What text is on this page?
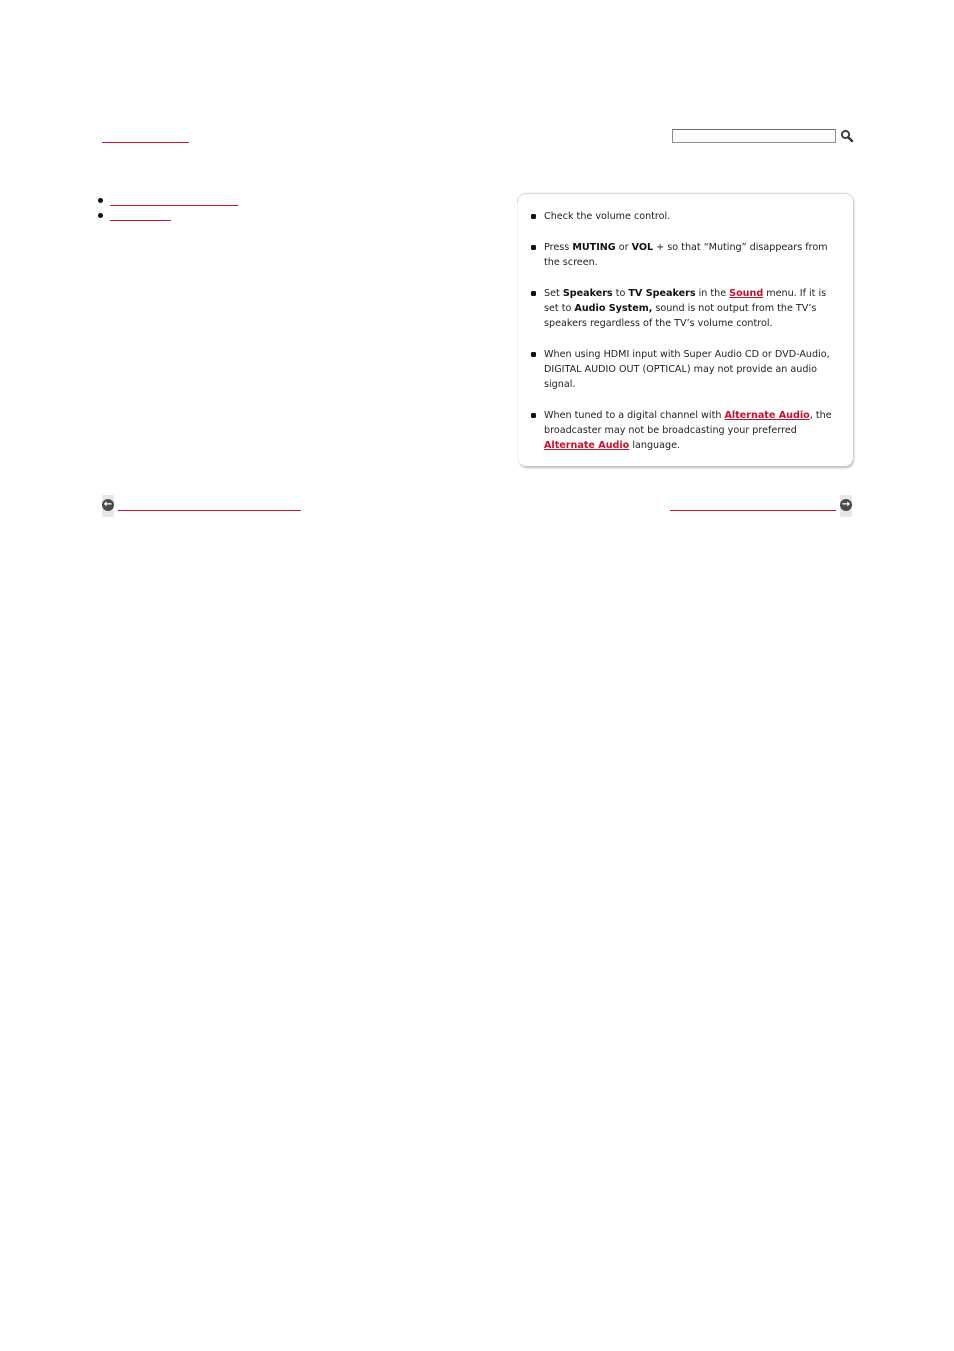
Check the volume control.
Press MUTING or VOL + so that “Muting” disappears from the screen.
Set Speakers to TV Speakers in the Sound menu. If it is set to Audio System, sound is not output from the TV’s speakers regardless of the TV’s volume control.
When using HDMI input with Super Audio CD or DVD-Audio, DIGITAL AUDIO OUT (OPTICAL) may not provide an audio signal.
When tuned to a digital channel with Alternate Audio, the broadcaster may not be broadcasting your preferred Alternate Audio language.
←	→
